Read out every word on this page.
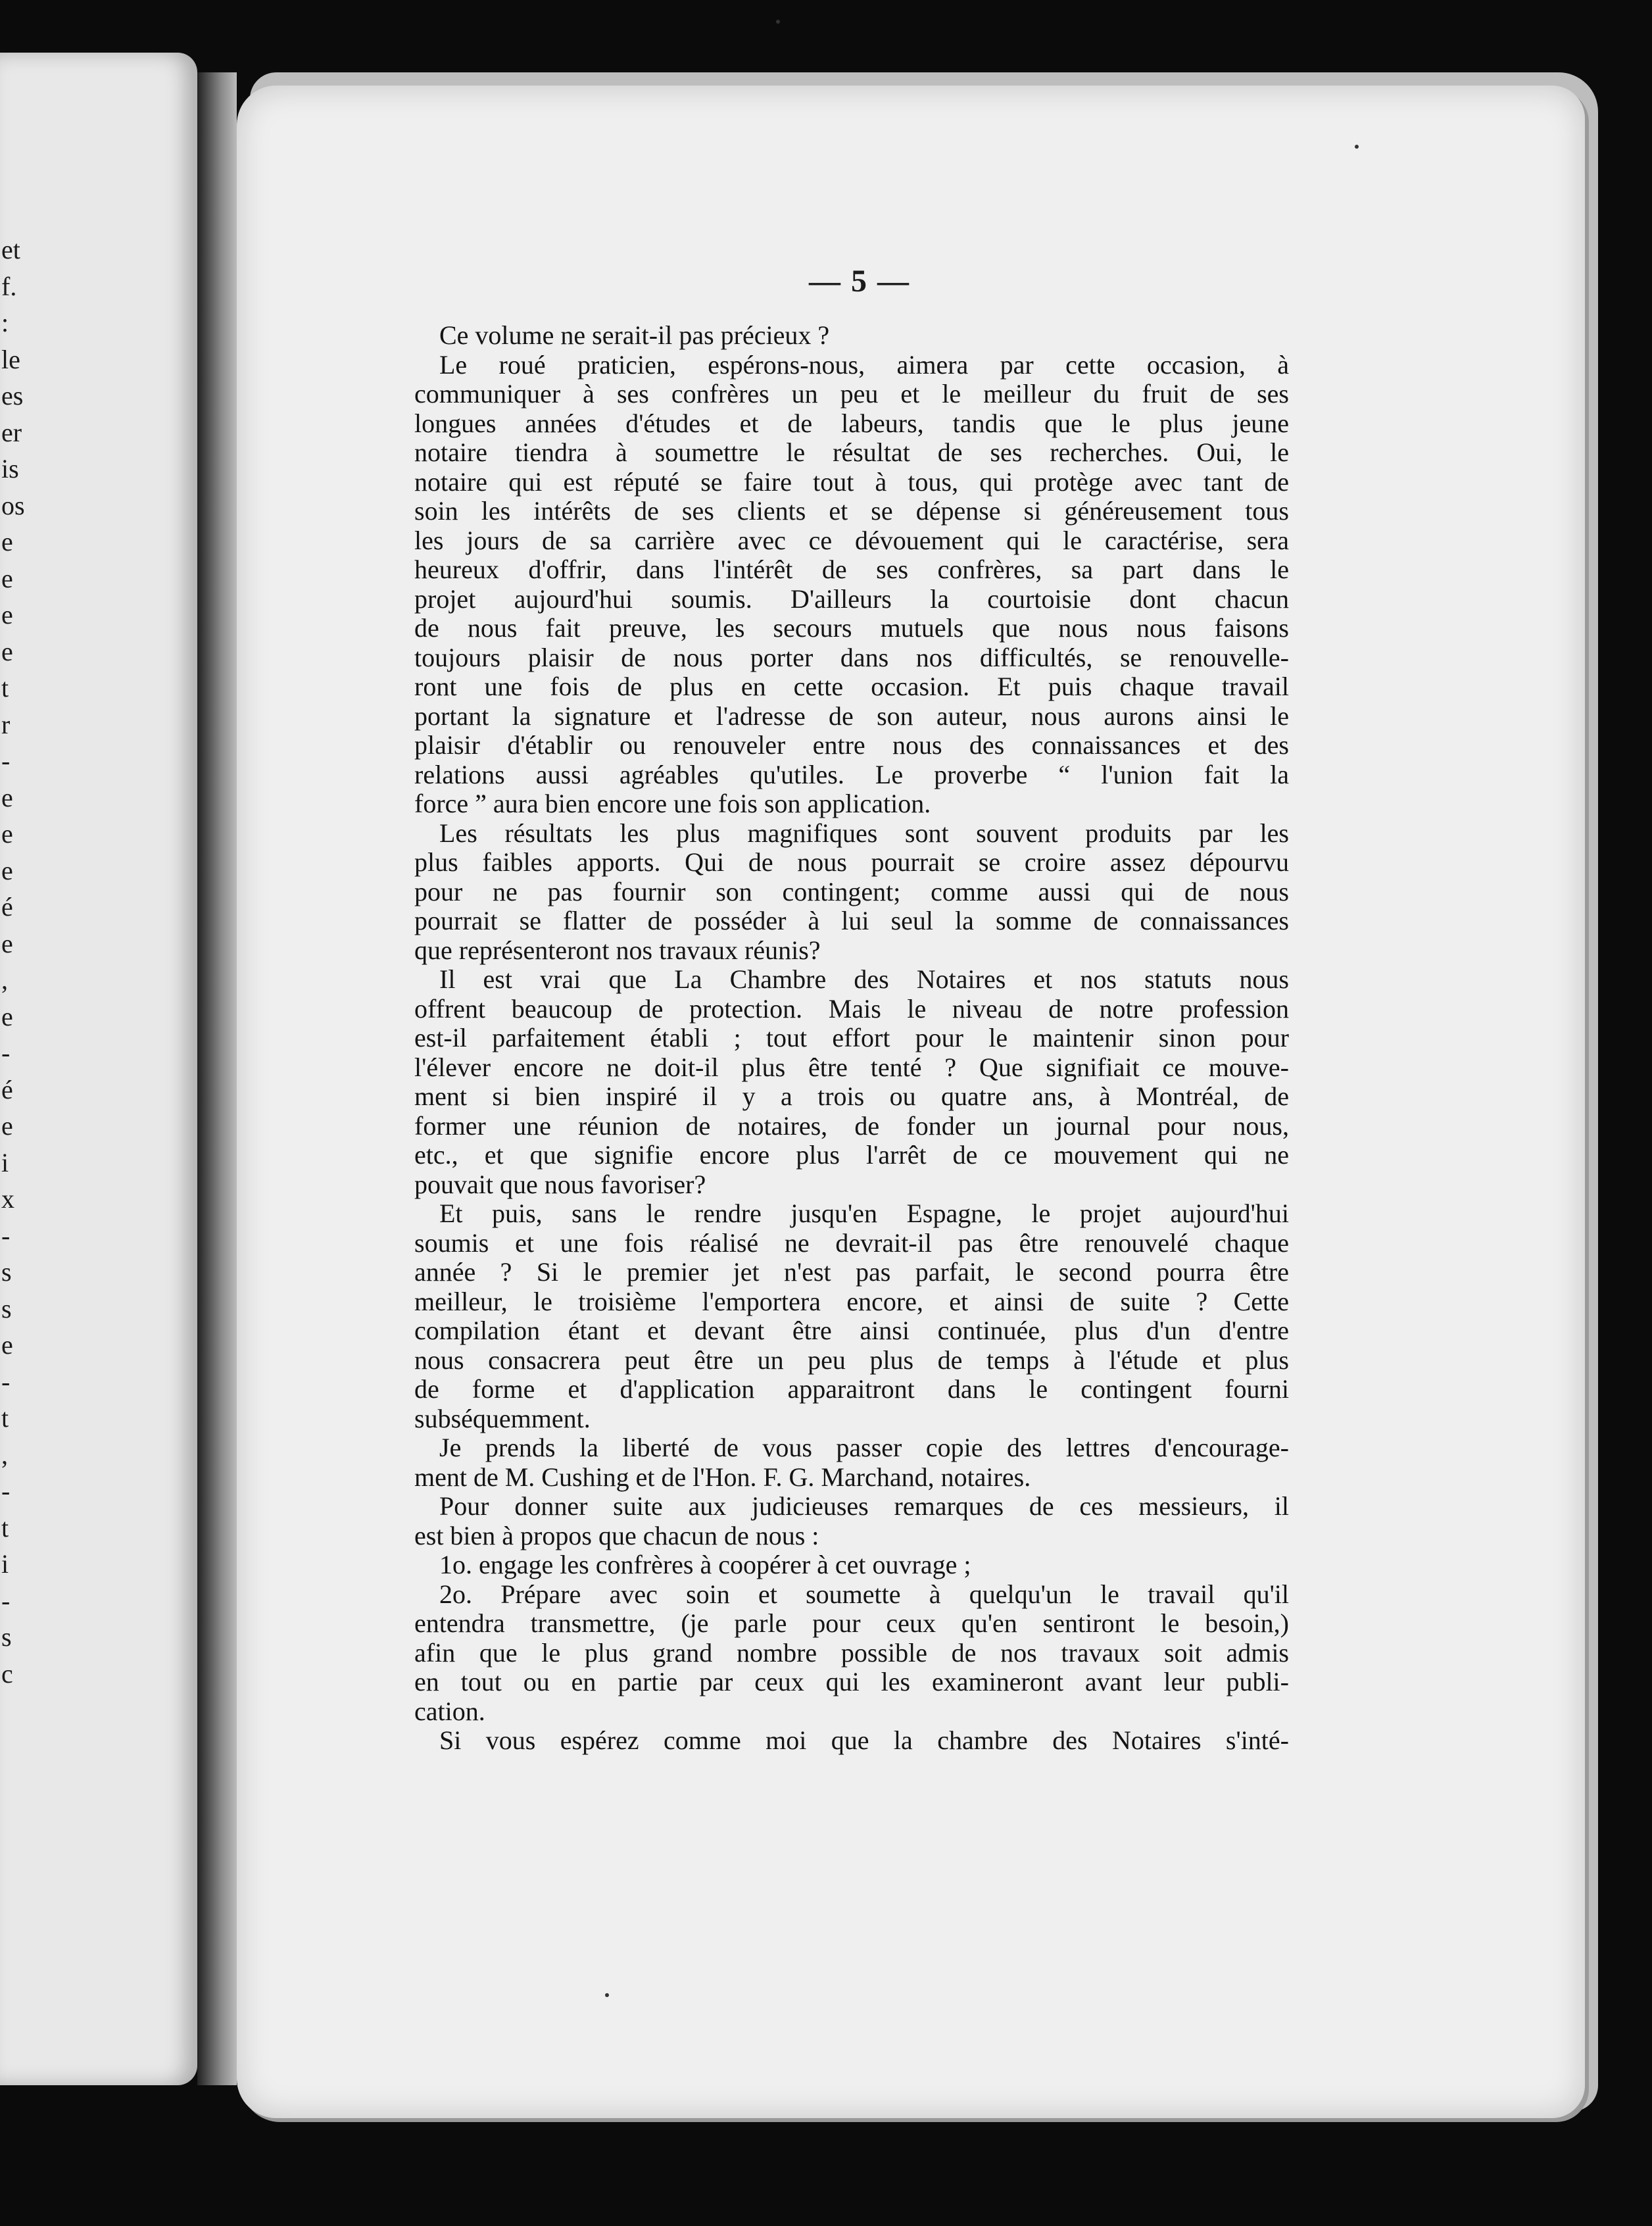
et
f.
:
le
es
er
is
os
e
e
e
e
t
r
-
e
e
e
é
e
,
e
-
é
e
i
x
-
s
s
e
-
t
,
-
t
i
-
s
c
— 5 —
Ce volume ne serait-il pas précieux ?
Le roué praticien, espérons-nous, aimera par cette occasion, à
communiquer à ses confrères un peu et le meilleur du fruit de ses
longues années d'études et de labeurs, tandis que le plus jeune
notaire tiendra à soumettre le résultat de ses recherches. Oui, le
notaire qui est réputé se faire tout à tous, qui protège avec tant de
soin les intérêts de ses clients et se dépense si généreusement tous
les jours de sa carrière avec ce dévouement qui le caractérise, sera
heureux d'offrir, dans l'intérêt de ses confrères, sa part dans le
projet aujourd'hui soumis. D'ailleurs la courtoisie dont chacun
de nous fait preuve, les secours mutuels que nous nous faisons
toujours plaisir de nous porter dans nos difficultés, se renouvelle-
ront une fois de plus en cette occasion. Et puis chaque travail
portant la signature et l'adresse de son auteur, nous aurons ainsi le
plaisir d'établir ou renouveler entre nous des connaissances et des
relations aussi agréables qu'utiles. Le proverbe “ l'union fait la
force ” aura bien encore une fois son application.
Les résultats les plus magnifiques sont souvent produits par les
plus faibles apports. Qui de nous pourrait se croire assez dépourvu
pour ne pas fournir son contingent; comme aussi qui de nous
pourrait se flatter de posséder à lui seul la somme de connaissances
que représenteront nos travaux réunis?
Il est vrai que La Chambre des Notaires et nos statuts nous
offrent beaucoup de protection. Mais le niveau de notre profession
est-il parfaitement établi ; tout effort pour le maintenir sinon pour
l'élever encore ne doit-il plus être tenté ? Que signifiait ce mouve-
ment si bien inspiré il y a trois ou quatre ans, à Montréal, de
former une réunion de notaires, de fonder un journal pour nous,
etc., et que signifie encore plus l'arrêt de ce mouvement qui ne
pouvait que nous favoriser?
Et puis, sans le rendre jusqu'en Espagne, le projet aujourd'hui
soumis et une fois réalisé ne devrait-il pas être renouvelé chaque
année ? Si le premier jet n'est pas parfait, le second pourra être
meilleur, le troisième l'emportera encore, et ainsi de suite ? Cette
compilation étant et devant être ainsi continuée, plus d'un d'entre
nous consacrera peut être un peu plus de temps à l'étude et plus
de forme et d'application apparaitront dans le contingent fourni
subséquemment.
Je prends la liberté de vous passer copie des lettres d'encourage-
ment de M. Cushing et de l'Hon. F. G. Marchand, notaires.
Pour donner suite aux judicieuses remarques de ces messieurs, il
est bien à propos que chacun de nous :
1o. engage les confrères à coopérer à cet ouvrage ;
2o. Prépare avec soin et soumette à quelqu'un le travail qu'il
entendra transmettre, (je parle pour ceux qu'en sentiront le besoin,)
afin que le plus grand nombre possible de nos travaux soit admis
en tout ou en partie par ceux qui les examineront avant leur publi-
cation.
Si vous espérez comme moi que la chambre des Notaires s'inté-
